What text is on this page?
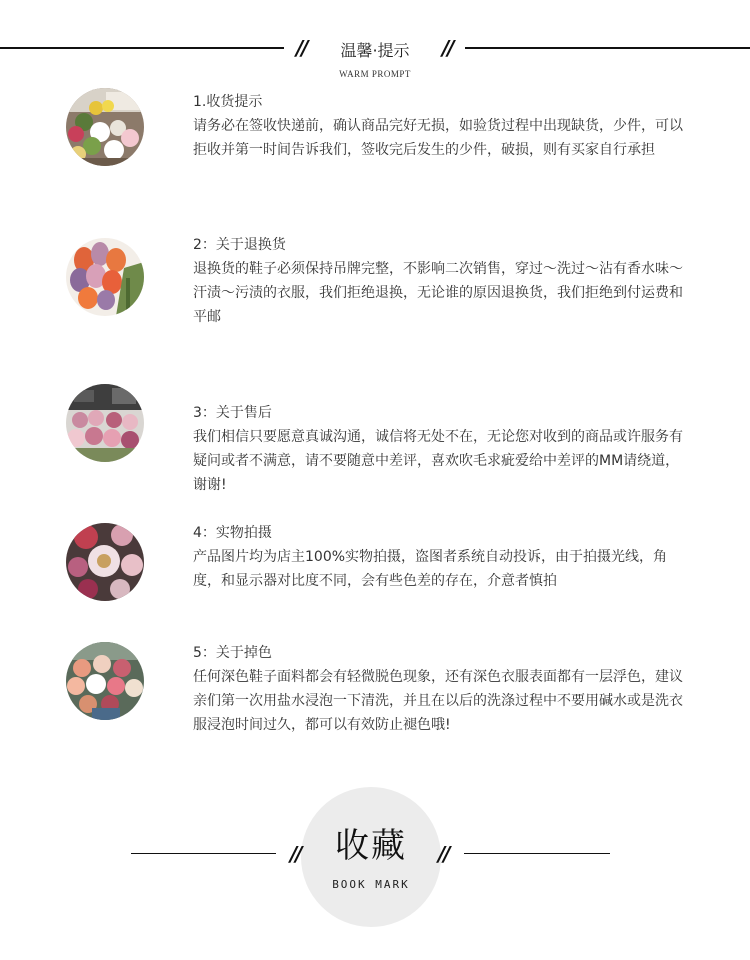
//	温馨·提示	//
WARM PROMPT
1.收货提示

请务必在签收快递前，确认商品完好无损，如验货过程中出现缺货，少件，可以拒收并第一时间告诉我们，签收完后发生的少件，破损，则有买家自行承担

2：关于退换货

退换货的鞋子必须保持吊牌完整，不影响二次销售，穿过～洗过～沾有香水味～汗渍～污渍的衣服，我们拒绝退换，无论谁的原因退换货，我们拒绝到付运费和平邮

3：关于售后

我们相信只要愿意真诚沟通，诚信将无处不在，无论您对收到的商品或许服务有疑问或者不满意，请不要随意中差评，喜欢吹毛求疵爱给中差评的MM请绕道，谢谢!

4：实物拍摄

产品图片均为店主100%实物拍摄，盗图者系统自动投诉，由于拍摄光线，角度，和显示器对比度不同，会有些色差的存在，介意者慎拍

5：关于掉色

任何深色鞋子面料都会有轻微脱色现象，还有深色衣服表面都有一层浮色，建议亲们第一次用盐水浸泡一下清洗，并且在以后的洗涤过程中不要用碱水或是洗衣服浸泡时间过久，都可以有效防止褪色哦!

//	收藏
BOOK MARK
//
